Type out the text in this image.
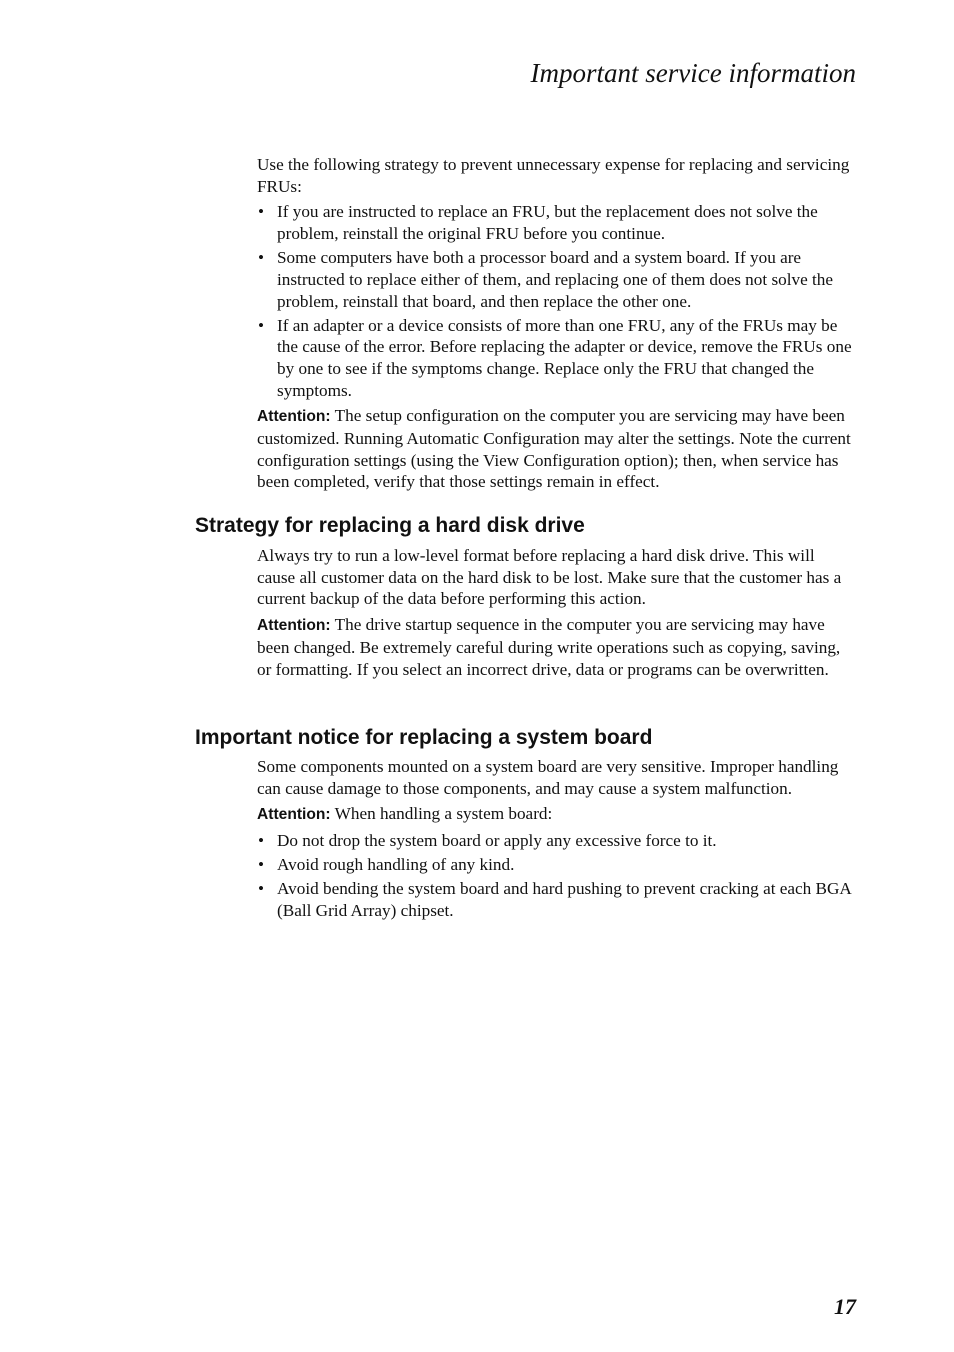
Important service information

Use the following strategy to prevent unnecessary expense for replacing and servicing FRUs:

• If you are instructed to replace an FRU, but the replacement does not solve the problem, reinstall the original FRU before you continue.
• Some computers have both a processor board and a system board. If you are instructed to replace either of them, and replacing one of them does not solve the problem, reinstall that board, and then replace the other one.
• If an adapter or a device consists of more than one FRU, any of the FRUs may be the cause of the error. Before replacing the adapter or device, remove the FRUs one by one to see if the symptoms change. Replace only the FRU that changed the symptoms.

Attention: The setup configuration on the computer you are servicing may have been customized. Running Automatic Configuration may alter the settings. Note the current configuration settings (using the View Configuration option); then, when service has been completed, verify that those settings remain in effect.

Strategy for replacing a hard disk drive

Always try to run a low-level format before replacing a hard disk drive. This will cause all customer data on the hard disk to be lost. Make sure that the customer has a current backup of the data before performing this action.

Attention: The drive startup sequence in the computer you are servicing may have been changed. Be extremely careful during write operations such as copying, saving, or formatting. If you select an incorrect drive, data or programs can be overwritten.

Important notice for replacing a system board

Some components mounted on a system board are very sensitive. Improper handling can cause damage to those components, and may cause a system malfunction.

Attention: When handling a system board:

• Do not drop the system board or apply any excessive force to it.
• Avoid rough handling of any kind.
• Avoid bending the system board and hard pushing to prevent cracking at each BGA (Ball Grid Array) chipset.
17
